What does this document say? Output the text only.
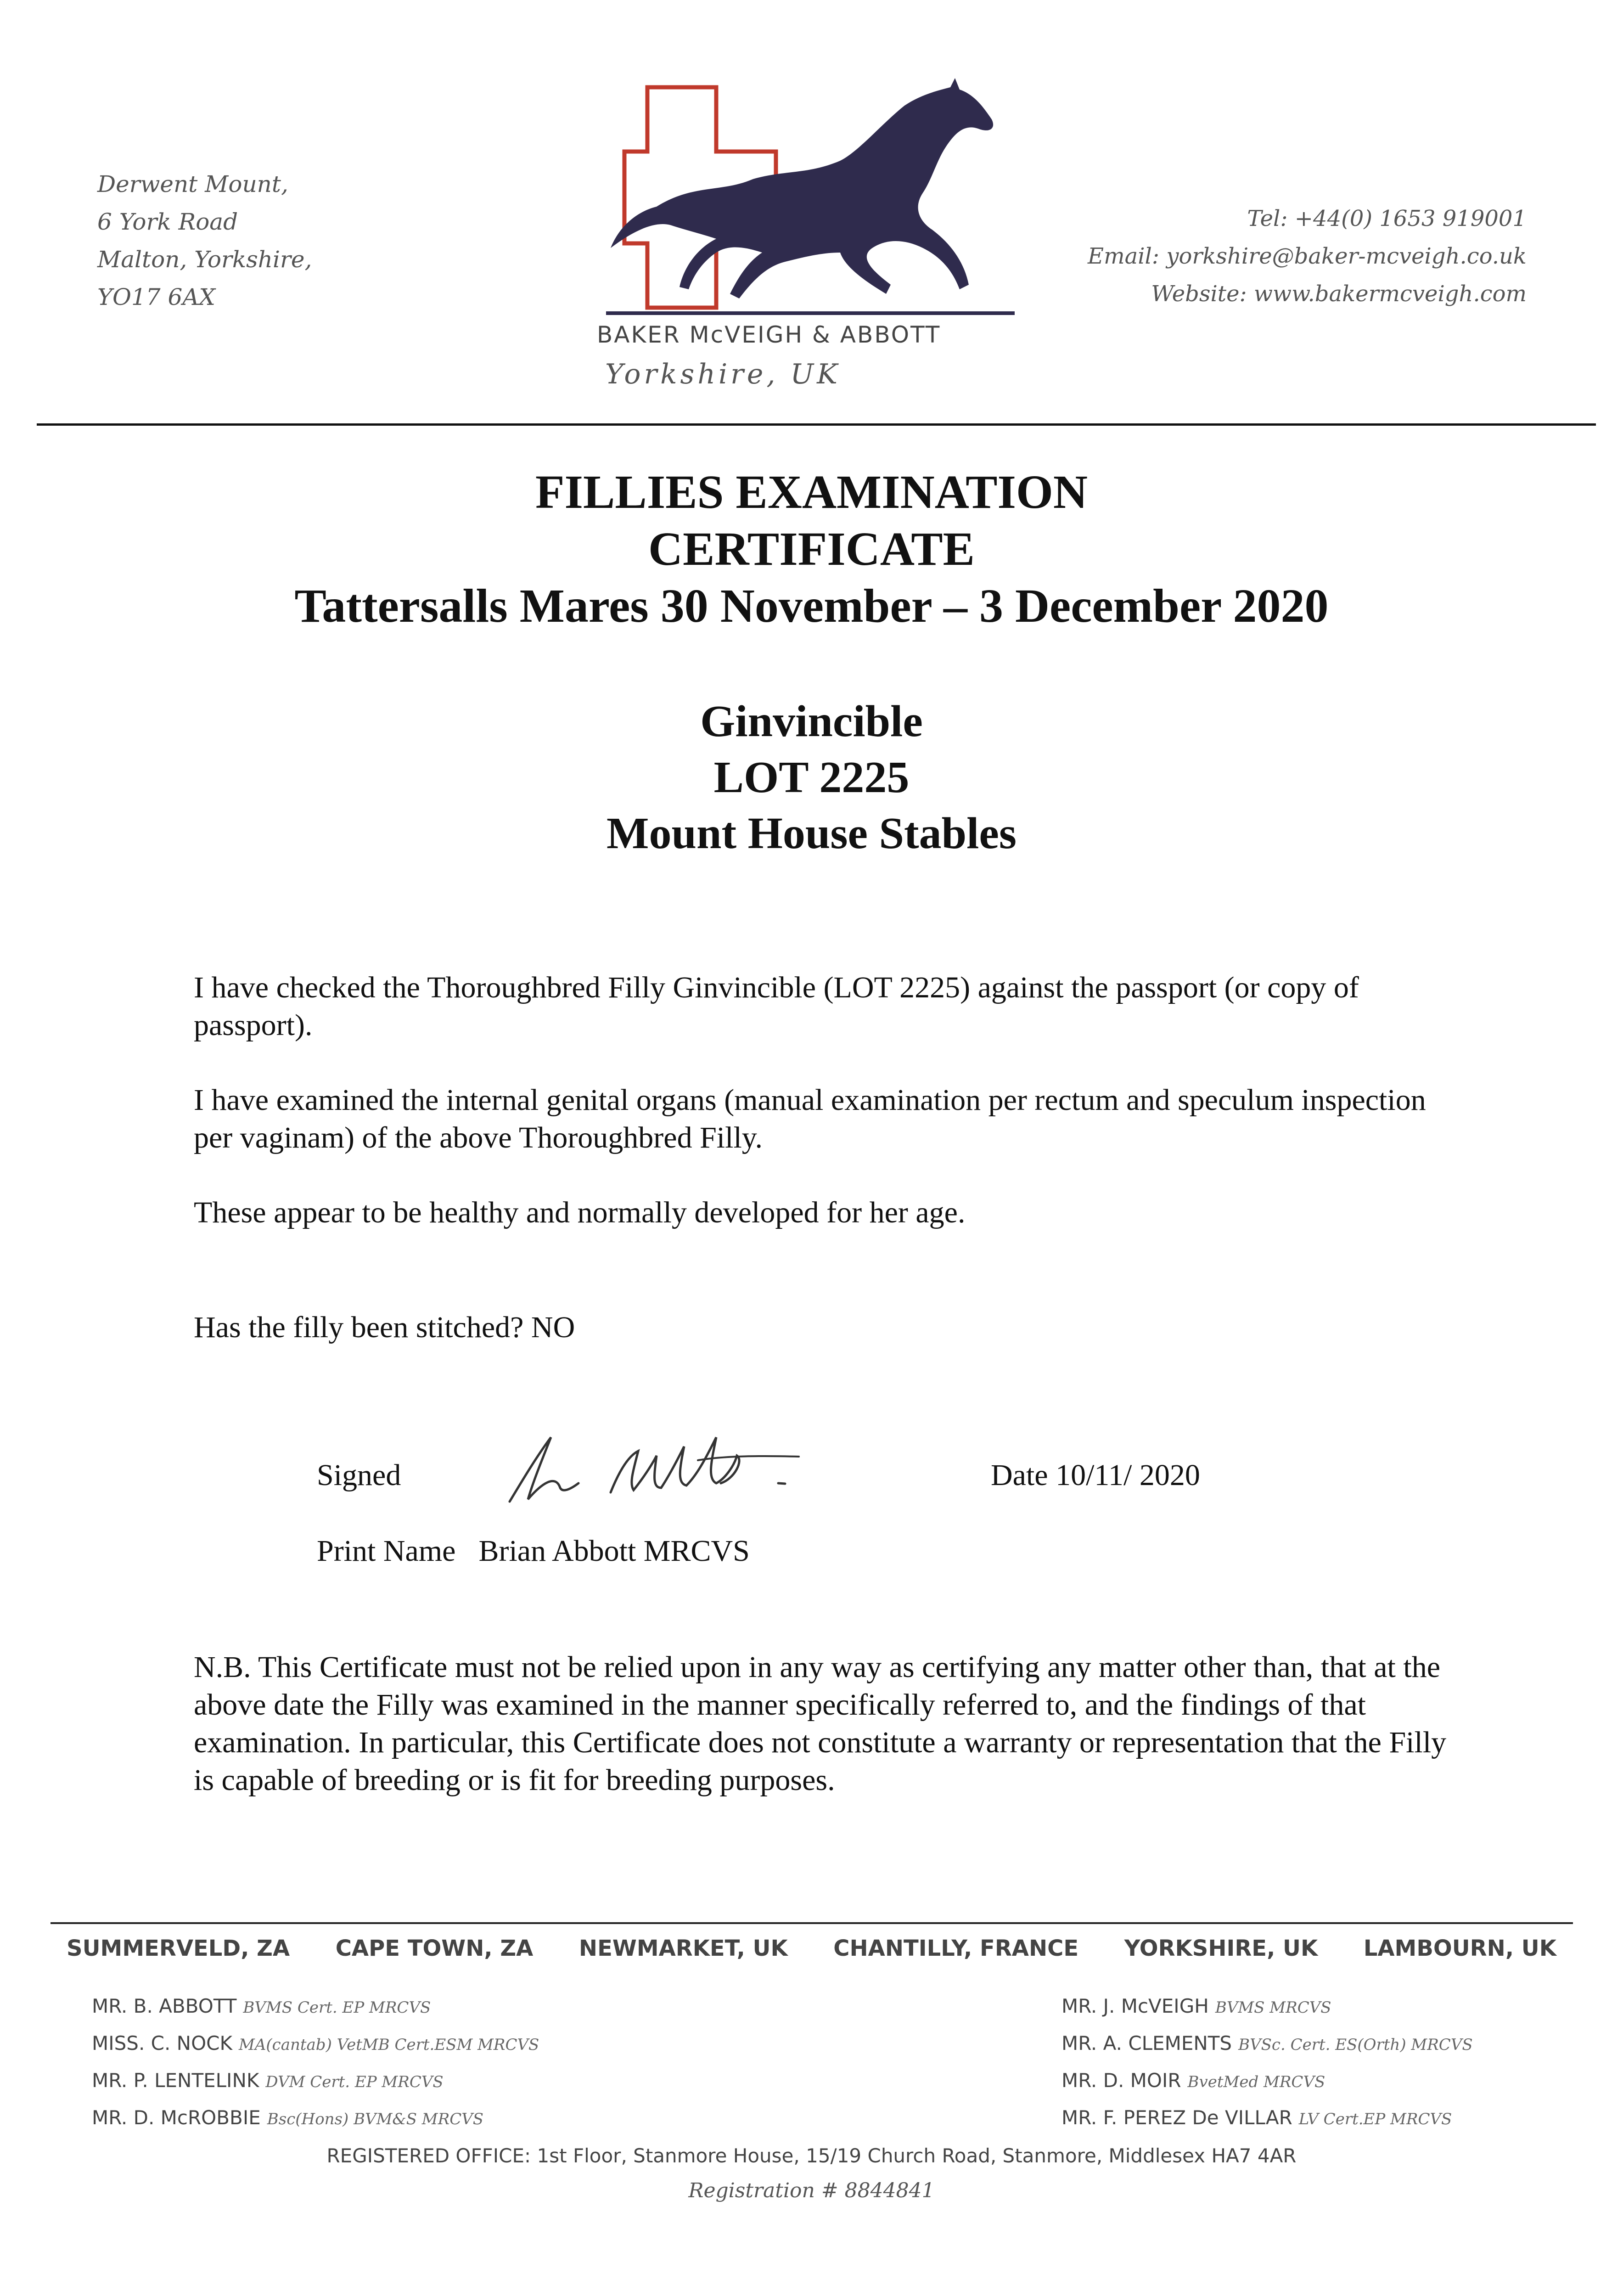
Derwent Mount,
6 York Road
Malton, Yorkshire,
YO17 6AX
BAKER McVEIGH & ABBOTT
Yorkshire, UK
Tel: +44(0) 1653 919001
Email: yorkshire@baker-mcveigh.co.uk
Website: www.bakermcveigh.com
FILLIES EXAMINATION
CERTIFICATE
Tattersalls Mares 30 November – 3 December 2020
Ginvincible
LOT 2225
Mount House Stables
I have checked the Thoroughbred Filly Ginvincible (LOT 2225) against the passport (or copy of passport).
I have examined the internal genital organs (manual examination per rectum and speculum inspection per vaginam) of the above Thoroughbred Filly.
These appear to be healthy and normally developed for her age.
Has the filly been stitched? NO
Signed	Date 10/11/ 2020
Print Name Brian Abbott MRCVS
N.B. This Certificate must not be relied upon in any way as certifying any matter other than, that at the above date the Filly was examined in the manner specifically referred to, and the findings of that examination. In particular, this Certificate does not constitute a warranty or representation that the Filly is capable of breeding or is fit for breeding purposes.
SUMMERVELD, ZA CAPE TOWN, ZA NEWMARKET, UK CHANTILLY, FRANCE YORKSHIRE, UK LAMBOURN, UK
MR. B. ABBOTT BVMS Cert. EP MRCVS
MISS. C. NOCK MA(cantab) VetMB Cert.ESM MRCVS
MR. P. LENTELINK DVM Cert. EP MRCVS
MR. D. McROBBIE Bsc(Hons) BVM&S MRCVS
MR. J. McVEIGH BVMS MRCVS
MR. A. CLEMENTS BVSc. Cert. ES(Orth) MRCVS
MR. D. MOIR BvetMed MRCVS
MR. F. PEREZ De VILLAR LV Cert.EP MRCVS
REGISTERED OFFICE: 1st Floor, Stanmore House, 15/19 Church Road, Stanmore, Middlesex HA7 4AR
Registration # 8844841
